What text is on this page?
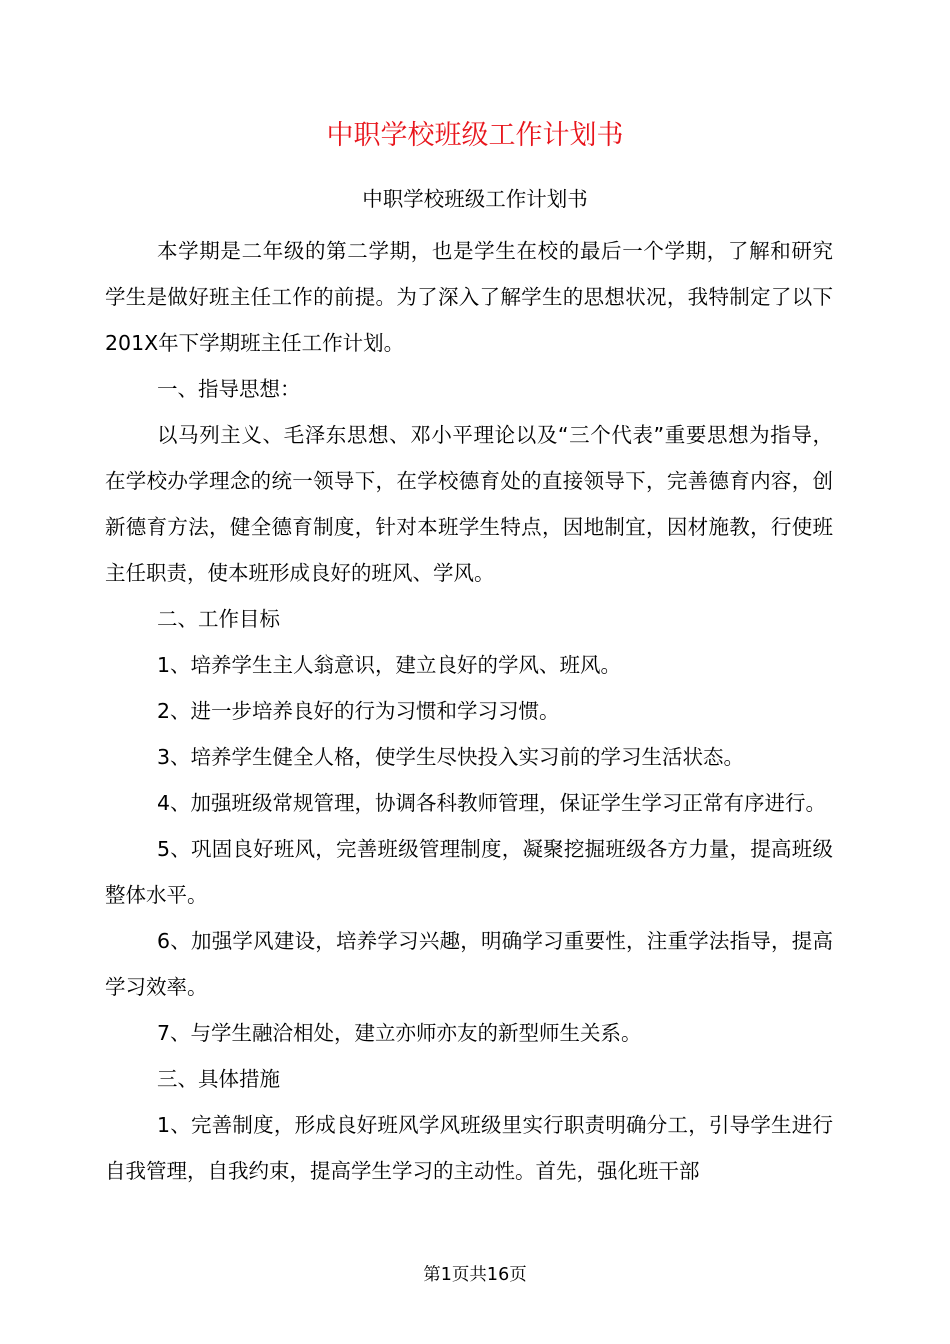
中职学校班级工作计划书
中职学校班级工作计划书

本学期是二年级的第二学期，也是学生在校的最后一个学期，了解和研究学生是做好班主任工作的前提。为了深入了解学生的思想状况，我特制定了以下201X年下学期班主任工作计划。

一、指导思想：

以马列主义、毛泽东思想、邓小平理论以及“三个代表”重要思想为指导，在学校办学理念的统一领导下，在学校德育处的直接领导下，完善德育内容，创新德育方法，健全德育制度，针对本班学生特点，因地制宜，因材施教，行使班主任职责，使本班形成良好的班风、学风。

二、工作目标

1、培养学生主人翁意识，建立良好的学风、班风。

2、进一步培养良好的行为习惯和学习习惯。

3、培养学生健全人格，使学生尽快投入实习前的学习生活状态。

4、加强班级常规管理，协调各科教师管理，保证学生学习正常有序进行。

5、巩固良好班风，完善班级管理制度，凝聚挖掘班级各方力量，提高班级整体水平。

6、加强学风建设，培养学习兴趣，明确学习重要性，注重学法指导，提高学习效率。

7、与学生融洽相处，建立亦师亦友的新型师生关系。

三、具体措施

1、完善制度，形成良好班风学风班级里实行职责明确分工，引导学生进行自我管理，自我约束，提高学生学习的主动性。首先，强化班干部

第1页共16页
